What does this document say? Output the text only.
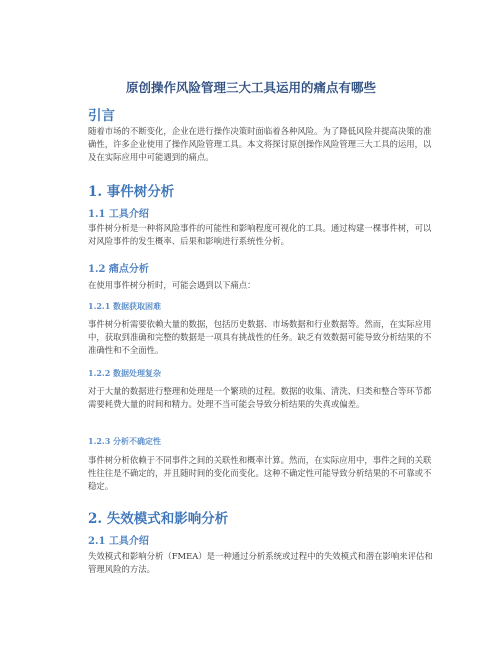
原创操作风险管理三大工具运用的痛点有哪些
引言

随着市场的不断变化，企业在进行操作决策时面临着各种风险。为了降低风险并提高决策的准确性，许多企业使用了操作风险管理工具。本文将探讨原创操作风险管理三大工具的运用，以及在实际应用中可能遇到的痛点。

1. 事件树分析
1.1 工具介绍

事件树分析是一种将风险事件的可能性和影响程度可视化的工具。通过构建一棵事件树，可以对风险事件的发生概率、后果和影响进行系统性分析。

1.2 痛点分析

在使用事件树分析时，可能会遇到以下痛点：

1.2.1 数据获取困难

事件树分析需要依赖大量的数据，包括历史数据、市场数据和行业数据等。然而，在实际应用中，获取到准确和完整的数据是一项具有挑战性的任务。缺乏有效数据可能导致分析结果的不准确性和不全面性。

1.2.2 数据处理复杂

对于大量的数据进行整理和处理是一个繁琐的过程。数据的收集、清洗、归类和整合等环节都需要耗费大量的时间和精力。处理不当可能会导致分析结果的失真或偏差。

1.2.3 分析不确定性

事件树分析依赖于不同事件之间的关联性和概率计算。然而，在实际应用中，事件之间的关联性往往是不确定的，并且随时间的变化而变化。这种不确定性可能导致分析结果的不可靠或不稳定。

2. 失效模式和影响分析
2.1 工具介绍

失效模式和影响分析（FMEA）是一种通过分析系统或过程中的失效模式和潜在影响来评估和管理风险的方法。
